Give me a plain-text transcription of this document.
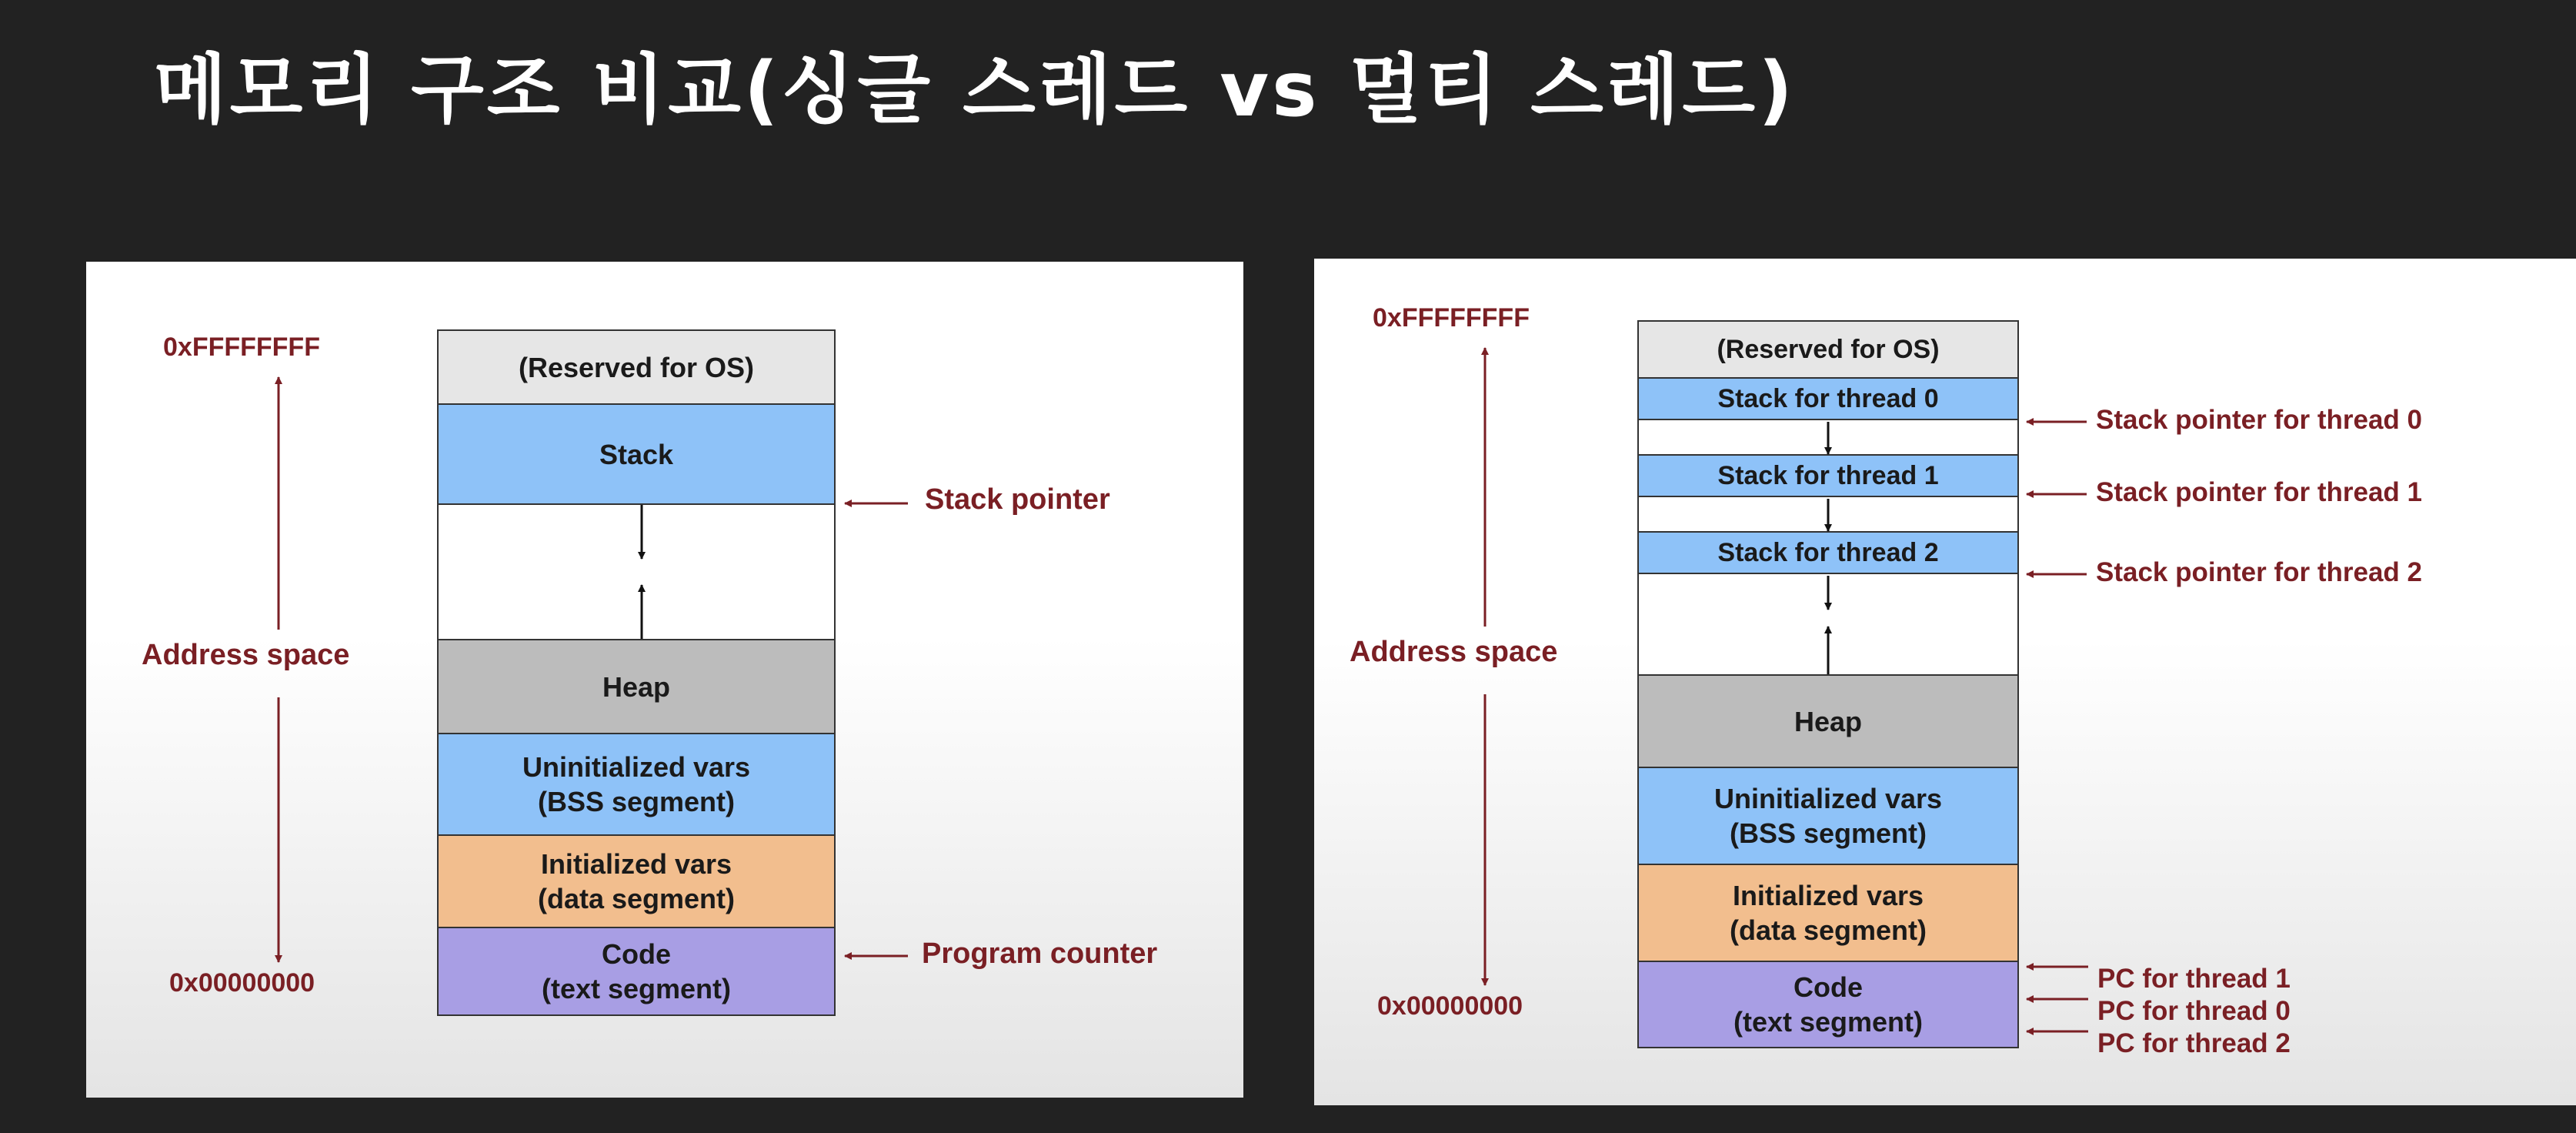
메모리 구조 비교(싱글 스레드 vs 멀티 스레드)
0xFFFFFFFF
Address space
0x00000000
(Reserved for OS)
Stack
Heap
Uninitialized vars
(BSS segment)
Initialized vars
(data segment)
Code
(text segment)
Stack pointer
Program counter
0xFFFFFFFF
Address space
0x00000000
(Reserved for OS)
Stack for thread 0
Stack for thread 1
Stack for thread 2
Heap
Uninitialized vars
(BSS segment)
Initialized vars
(data segment)
Code
(text segment)
Stack pointer for thread 0
Stack pointer for thread 1
Stack pointer for thread 2
PC for thread 1
PC for thread 0
PC for thread 2
